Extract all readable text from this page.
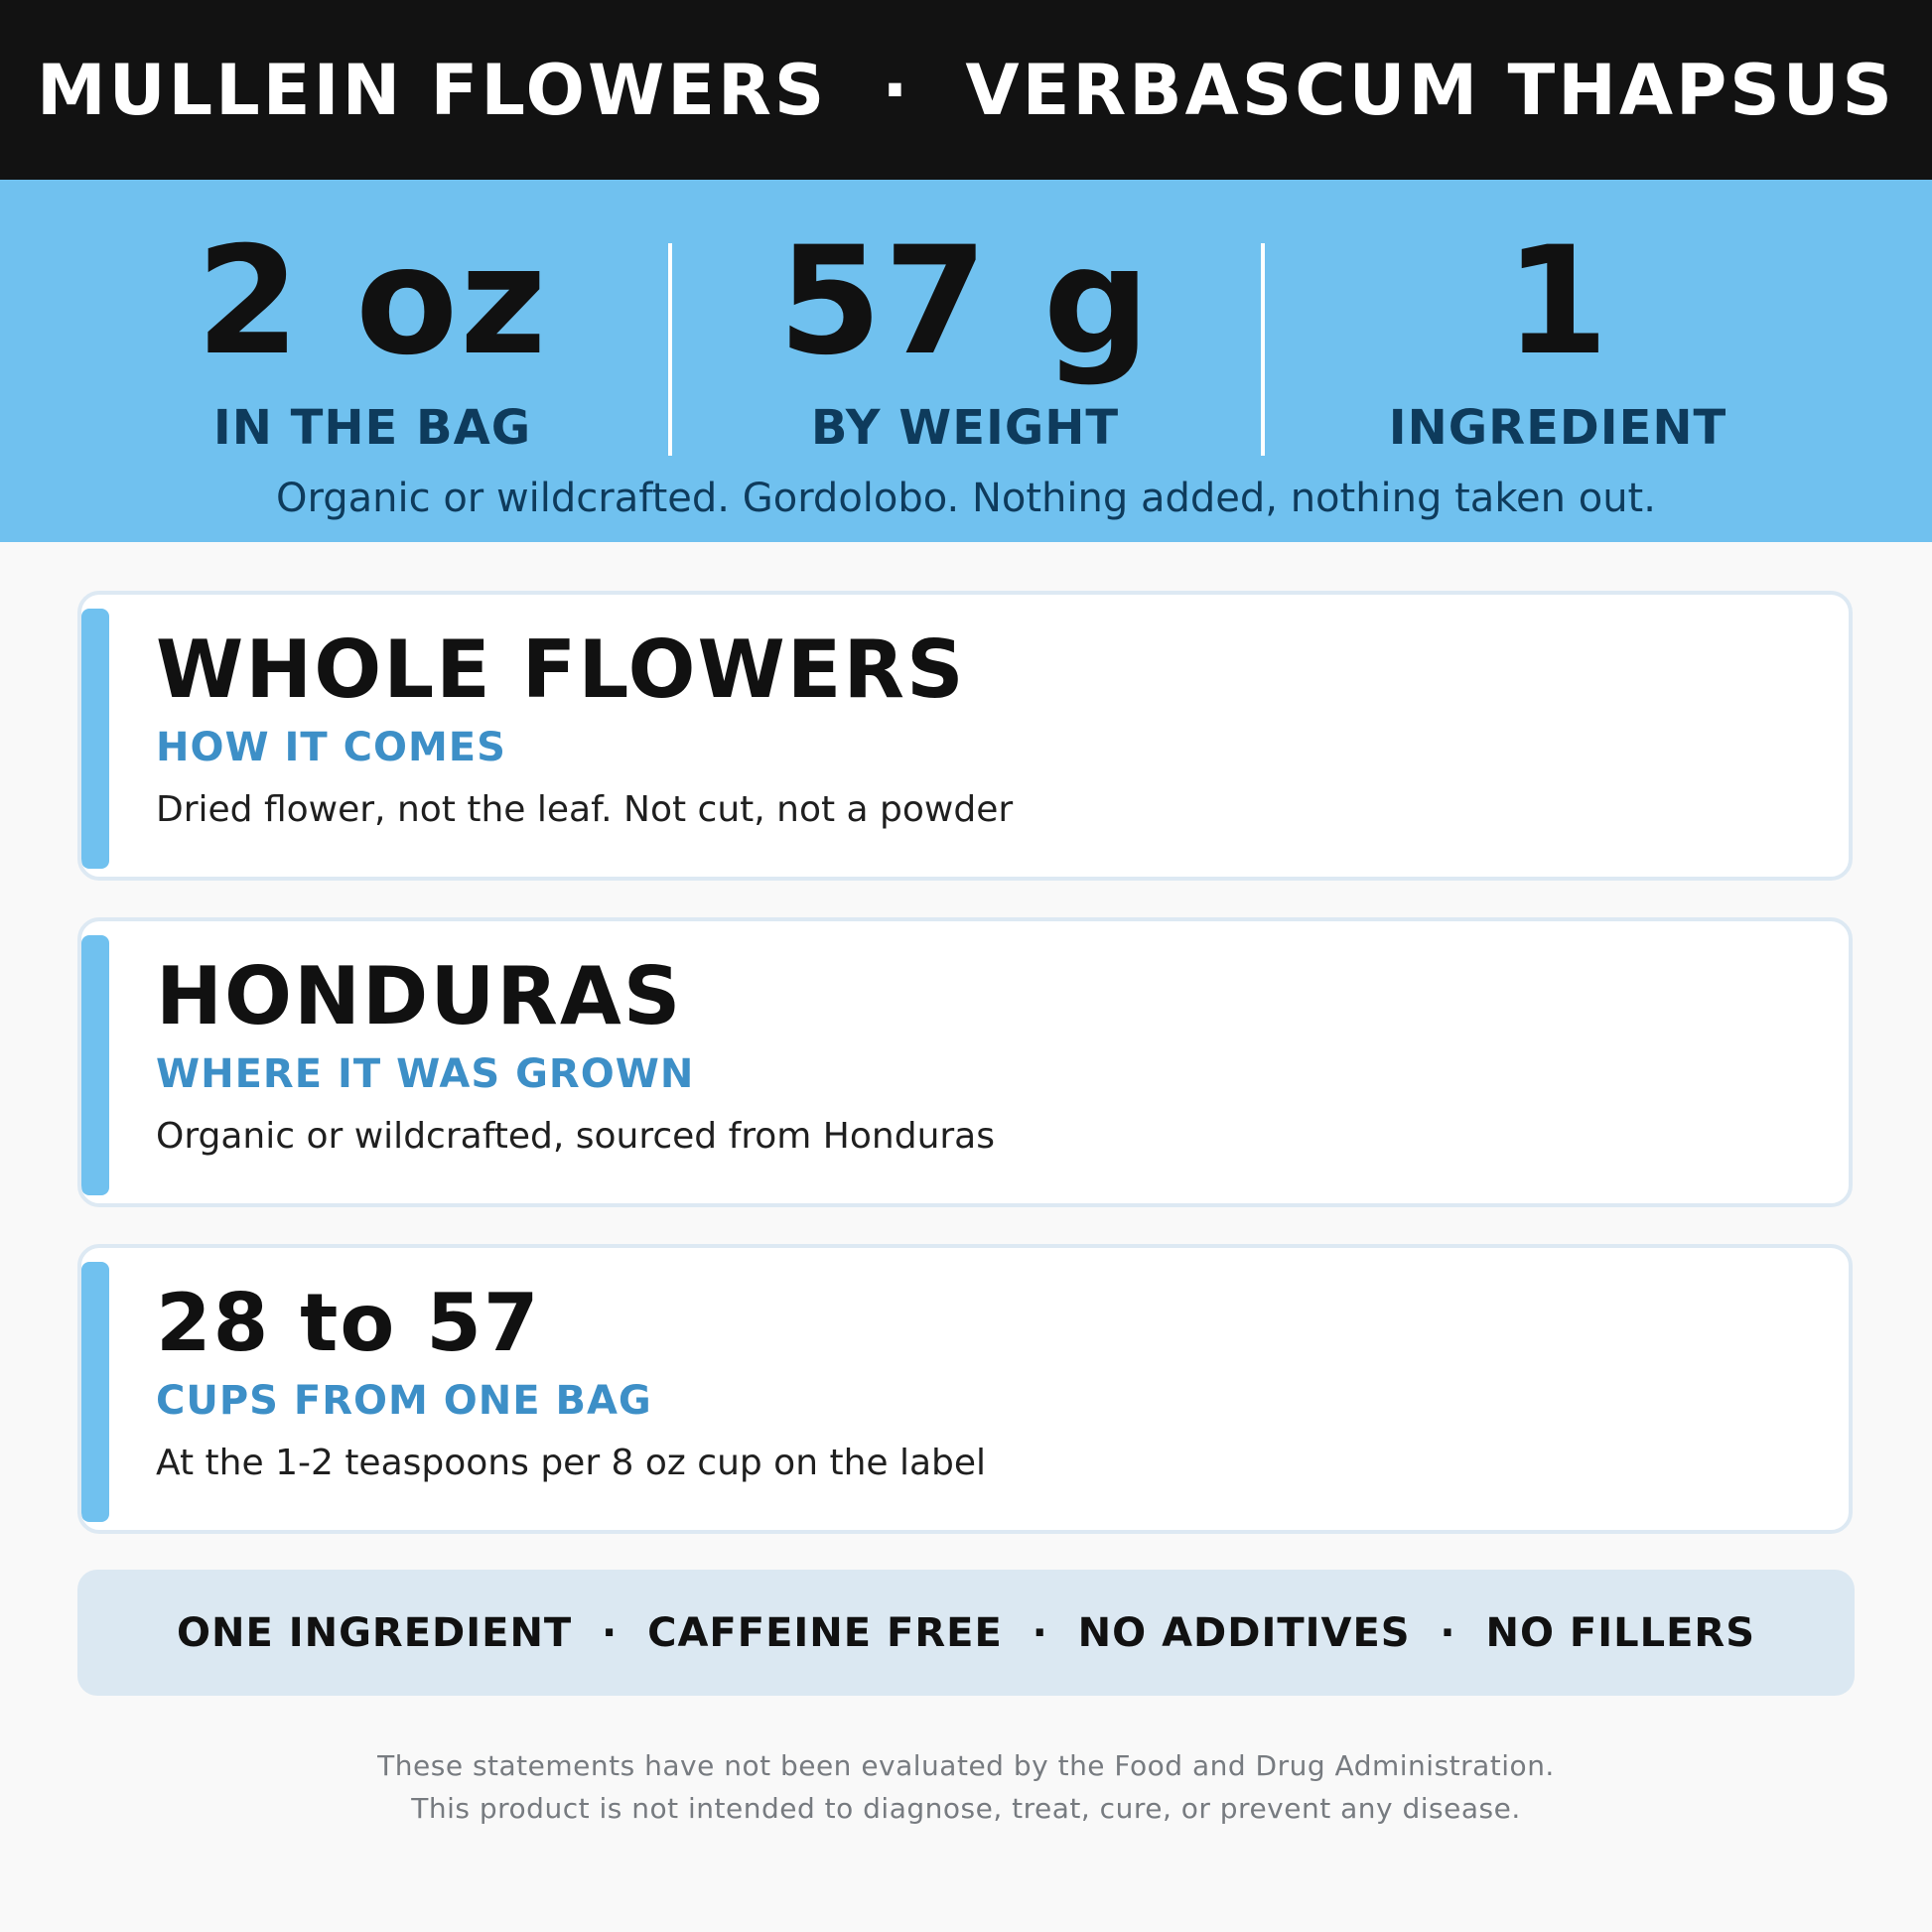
MULLEIN FLOWERS  ·  VERBASCUM THAPSUS
2 oz
IN THE BAG
57 g
BY WEIGHT
1
INGREDIENT
Organic or wildcrafted. Gordolobo. Nothing added, nothing taken out.
WHOLE FLOWERS
HOW IT COMES
Dried flower, not the leaf. Not cut, not a powder
HONDURAS
WHERE IT WAS GROWN
Organic or wildcrafted, sourced from Honduras
28 to 57
CUPS FROM ONE BAG
At the 1-2 teaspoons per 8 oz cup on the label
ONE INGREDIENT  ·  CAFFEINE FREE  ·  NO ADDITIVES  ·  NO FILLERS
These statements have not been evaluated by the Food and Drug Administration.
This product is not intended to diagnose, treat, cure, or prevent any disease.
